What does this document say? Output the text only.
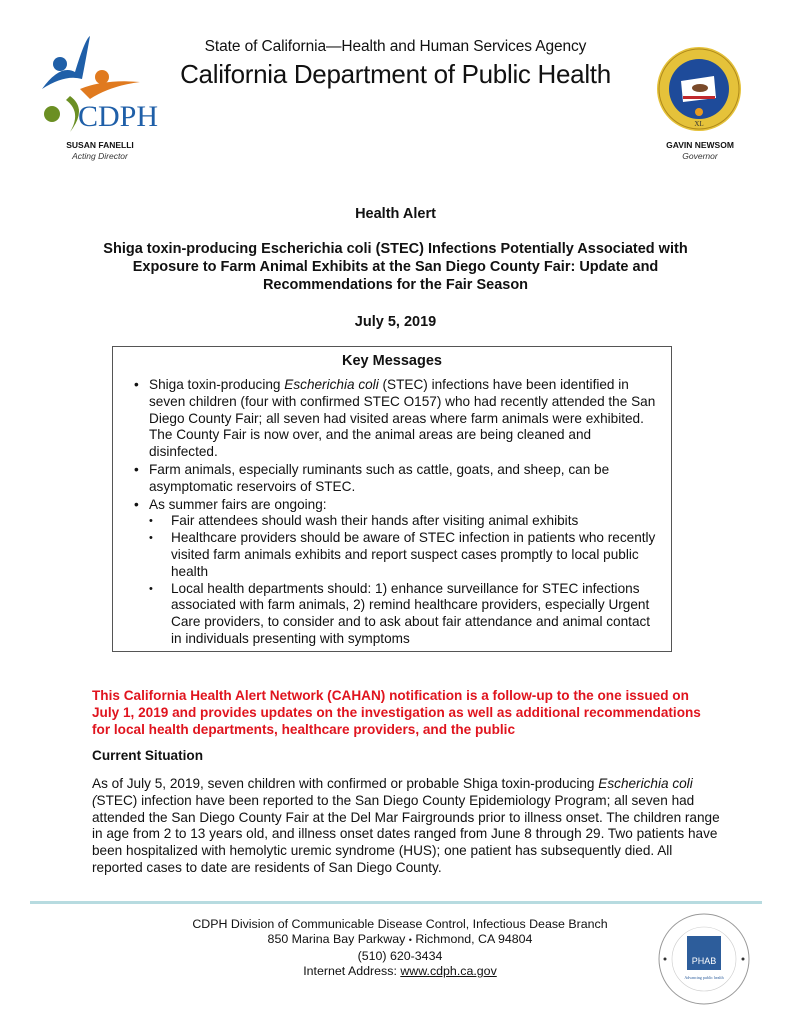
CDPH
State of California—Health and Human Services Agency
California Department of Public Health
SUSAN FANELLI
Acting Director
XL
GAVIN NEWSOM
Governor
Health Alert
Shiga toxin-producing Escherichia coli (STEC) Infections Potentially Associated with Exposure to Farm Animal Exhibits at the San Diego County Fair: Update and Recommendations for the Fair Season
July 5, 2019
Key Messages
• Shiga toxin-producing Escherichia coli (STEC) infections have been identified in seven children (four with confirmed STEC O157) who had recently attended the San Diego County Fair; all seven had visited areas where farm animals were exhibited. The County Fair is now over, and the animal areas are being cleaned and disinfected.
• Farm animals, especially ruminants such as cattle, goats, and sheep, can be asymptomatic reservoirs of STEC.
• As summer fairs are ongoing:
• Fair attendees should wash their hands after visiting animal exhibits
• Healthcare providers should be aware of STEC infection in patients who recently visited farm animals exhibits and report suspect cases promptly to local public health
• Local health departments should: 1) enhance surveillance for STEC infections associated with farm animals, 2) remind healthcare providers, especially Urgent Care providers, to consider and to ask about fair attendance and animal contact in individuals presenting with symptoms
This California Health Alert Network (CAHAN) notification is a follow-up to the one issued on July 1, 2019 and provides updates on the investigation as well as additional recommendations for local health departments, healthcare providers, and the public
Current Situation
As of July 5, 2019, seven children with confirmed or probable Shiga toxin-producing Escherichia coli (STEC) infection have been reported to the San Diego County Epidemiology Program; all seven had attended the San Diego County Fair at the Del Mar Fairgrounds prior to illness onset. The children range in age from 2 to 13 years old, and illness onset dates ranged from June 8 through 29. Two patients have been hospitalized with hemolytic uremic syndrome (HUS); one patient has subsequently died. All reported cases to date are residents of San Diego County.
CDPH Division of Communicable Disease Control, Infectious Dease Branch
850 Marina Bay Parkway • Richmond, CA 94804
(510) 620-3434
Internet Address: www.cdph.ca.gov
PHAB
Advancing public health
